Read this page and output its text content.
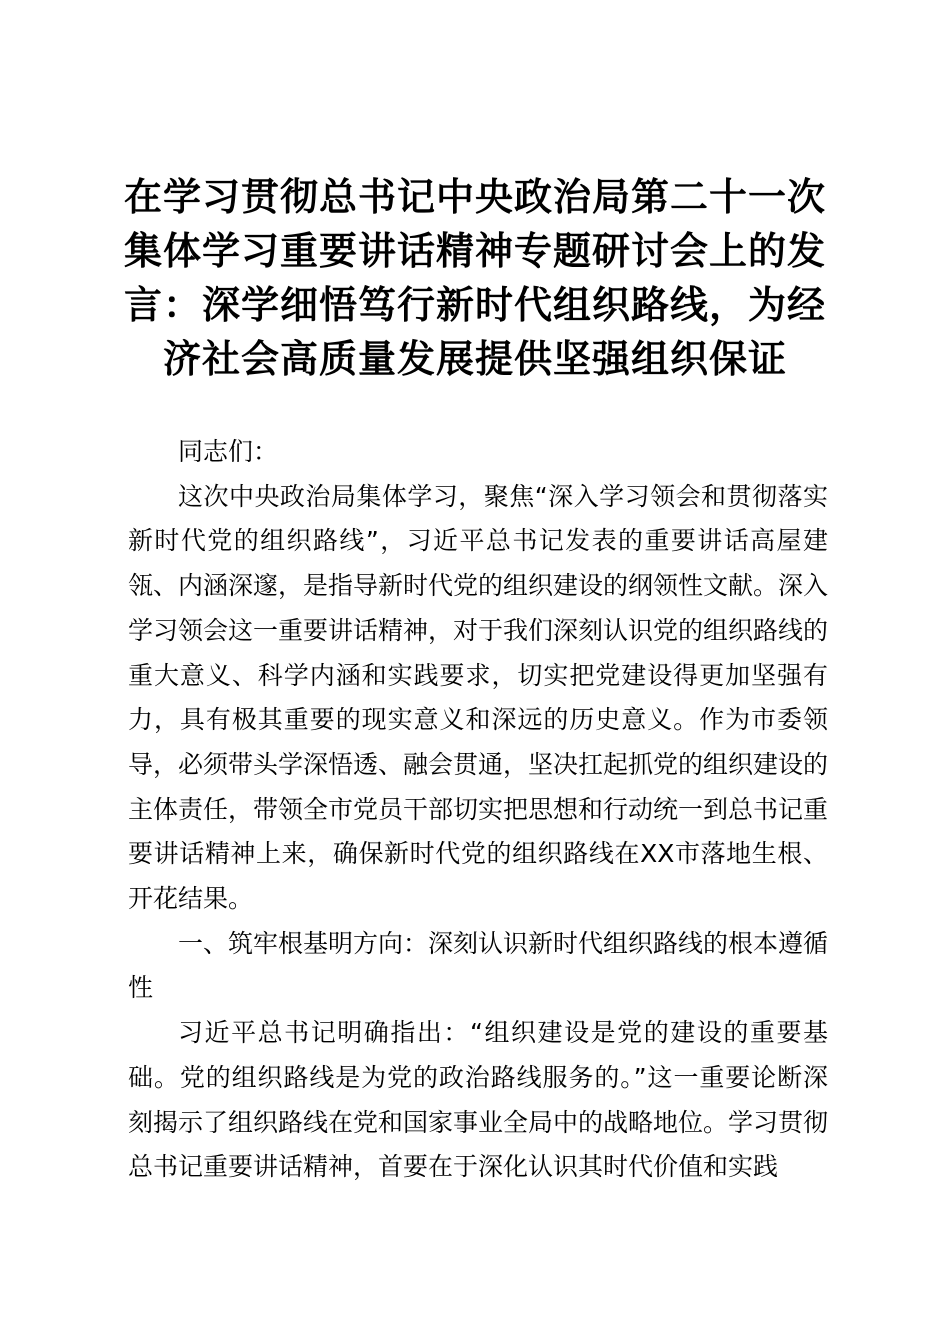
在学习贯彻总书记中央政治局第二十一次集体学习重要讲话精神专题研讨会上的发言：深学细悟笃行新时代组织路线，为经济社会高质量发展提供坚强组织保证

同志们：

这次中央政治局集体学习，聚焦“深入学习领会和贯彻落实新时代党的组织路线”，习近平总书记发表的重要讲话高屋建瓴、内涵深邃，是指导新时代党的组织建设的纲领性文献。深入学习领会这一重要讲话精神，对于我们深刻认识党的组织路线的重大意义、科学内涵和实践要求，切实把党建设得更加坚强有力，具有极其重要的现实意义和深远的历史意义。作为市委领导，必须带头学深悟透、融会贯通，坚决扛起抓党的组织建设的主体责任，带领全市党员干部切实把思想和行动统一到总书记重要讲话精神上来，确保新时代党的组织路线在XX市落地生根、开花结果。

一、筑牢根基明方向：深刻认识新时代组织路线的根本遵循性

习近平总书记明确指出：“组织建设是党的建设的重要基础。党的组织路线是为党的政治路线服务的。”这一重要论断深刻揭示了组织路线在党和国家事业全局中的战略地位。学习贯彻总书记重要讲话精神，首要在于深化认识其时代价值和实践
